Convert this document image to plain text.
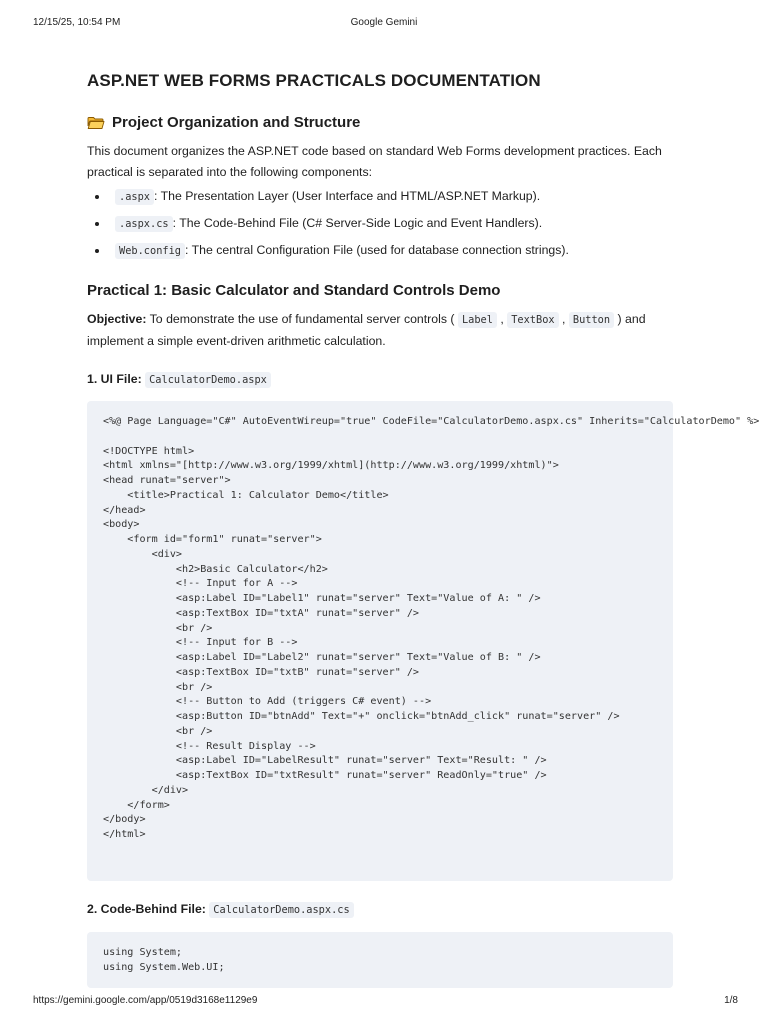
12/15/25, 10:54 PM	Google Gemini
ASP.NET WEB FORMS PRACTICALS DOCUMENTATION
Project Organization and Structure

This document organizes the ASP.NET code based on standard Web Forms development practices. Each practical is separated into the following components:

.aspx : The Presentation Layer (User Interface and HTML/ASP.NET Markup).
.aspx.cs : The Code-Behind File (C# Server-Side Logic and Event Handlers).
Web.config : The central Configuration File (used for database connection strings).
Practical 1: Basic Calculator and Standard Controls Demo

Objective: To demonstrate the use of fundamental server controls ( Label , TextBox , Button ) and implement a simple event-driven arithmetic calculation.

1. UI File: CalculatorDemo.aspx
<%@ Page Language="C#" AutoEventWireup="true" CodeFile="CalculatorDemo.aspx.cs" Inherits="CalculatorDemo" %>

<!DOCTYPE html>
<html xmlns="[http://www.w3.org/1999/xhtml](http://www.w3.org/1999/xhtml)">
<head runat="server">
<title>Practical 1: Calculator Demo</title>
</head>
<body>
<form id="form1" runat="server">
<div>
<h2>Basic Calculator</h2>
<!-- Input for A -->
<asp:Label ID="Label1" runat="server" Text="Value of A: " />
<asp:TextBox ID="txtA" runat="server" />
<br />
<!-- Input for B -->
<asp:Label ID="Label2" runat="server" Text="Value of B: " />
<asp:TextBox ID="txtB" runat="server" />
<br />
<!-- Button to Add (triggers C# event) -->
<asp:Button ID="btnAdd" Text="+" onclick="btnAdd_click" runat="server" />
<br />
<!-- Result Display -->
<asp:Label ID="LabelResult" runat="server" Text="Result: " />
<asp:TextBox ID="txtResult" runat="server" ReadOnly="true" />
</div>
</form>
</body>
</html>
2. Code-Behind File: CalculatorDemo.aspx.cs
using System;
using System.Web.UI;
https://gemini.google.com/app/0519d3168e1129e9	1/8
